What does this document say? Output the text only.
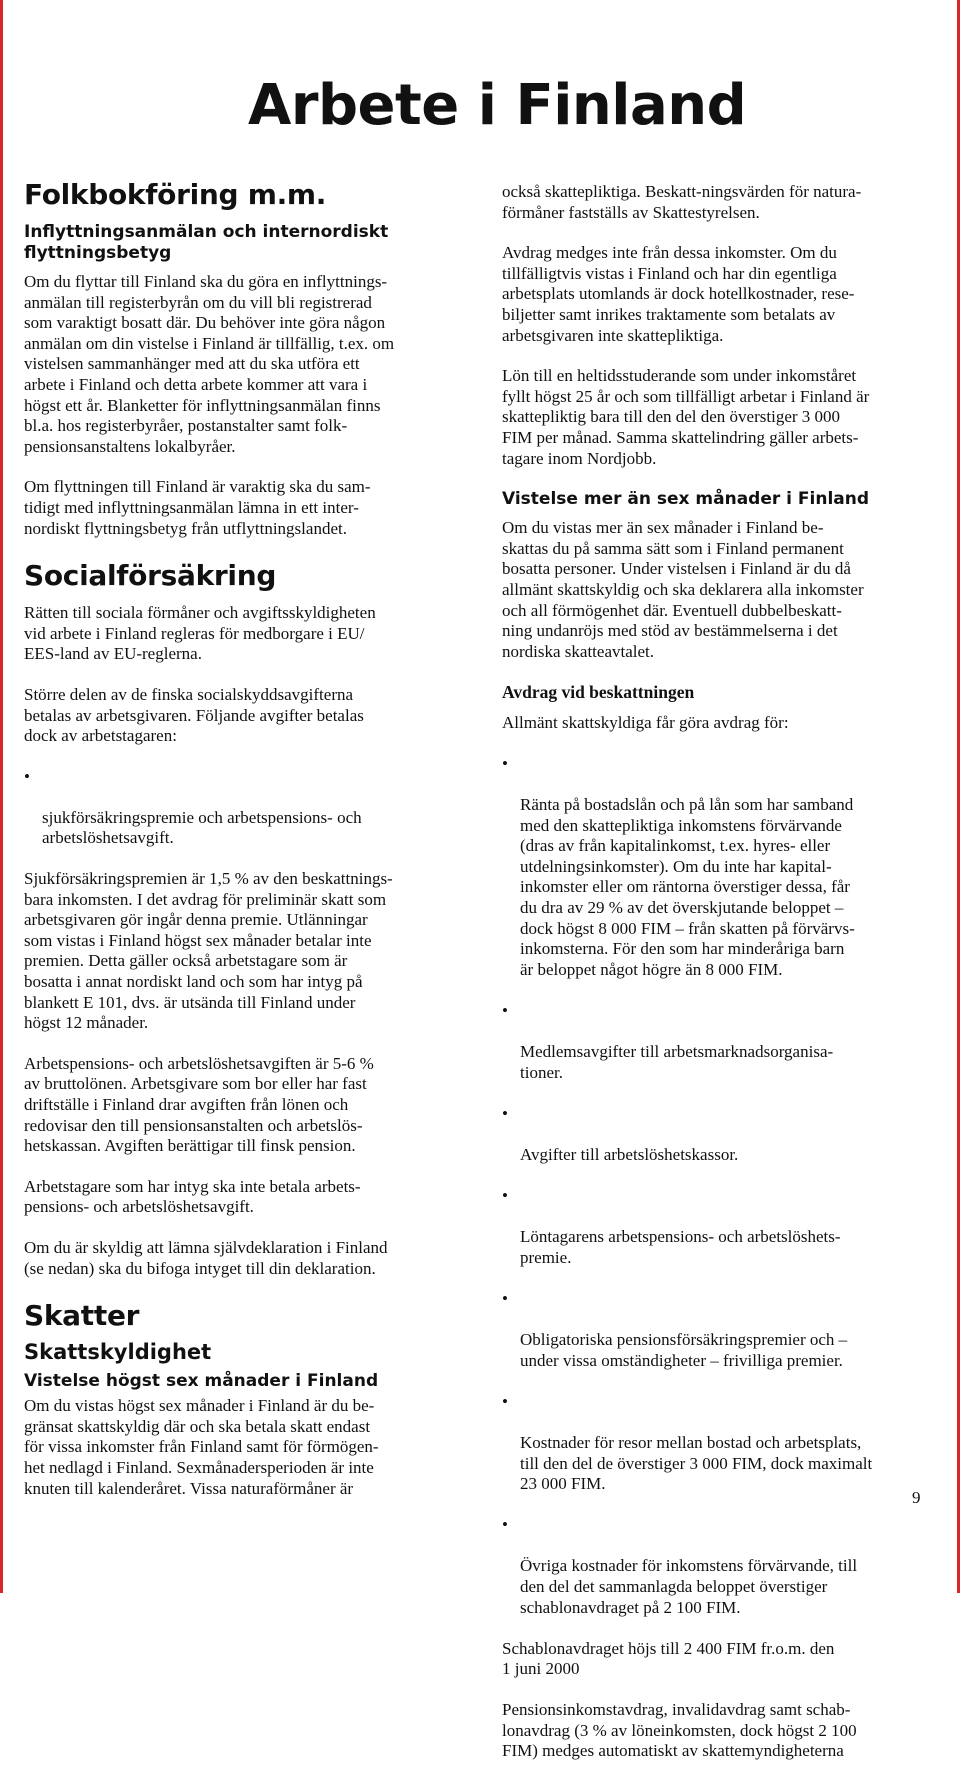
Arbete i Finland
Folkbokföring m.m.
Inflyttningsanmälan och internordiskt
flyttningsbetyg

Om du flyttar till Finland ska du göra en inflyttnings-
anmälan till registerbyrån om du vill bli registrerad
som varaktigt bosatt där. Du behöver inte göra någon
anmälan om din vistelse i Finland är tillfällig, t.ex. om
vistelsen sammanhänger med att du ska utföra ett
arbete i Finland och detta arbete kommer att vara i
högst ett år. Blanketter för inflyttningsanmälan finns
bl.a. hos registerbyråer, postanstalter samt folk-
pensionsanstaltens lokalbyråer.

Om flyttningen till Finland är varaktig ska du sam-
tidigt med inflyttningsanmälan lämna in ett inter-
nordiskt flyttningsbetyg från utflyttningslandet.

Socialförsäkring

Rätten till sociala förmåner och avgiftsskyldigheten
vid arbete i Finland regleras för medborgare i EU/
EES-land av EU-reglerna.

Större delen av de finska socialskyddsavgifterna
betalas av arbetsgivaren. Följande avgifter betalas
dock av arbetstagaren:

•

sjukförsäkringspremie och arbetspensions- och
arbetslöshetsavgift.

Sjukförsäkringspremien är 1,5 % av den beskattnings-
bara inkomsten. I det avdrag för preliminär skatt som
arbetsgivaren gör ingår denna premie. Utlänningar
som vistas i Finland högst sex månader betalar inte
premien. Detta gäller också arbetstagare som är
bosatta i annat nordiskt land och som har intyg på
blankett E 101, dvs. är utsända till Finland under
högst 12 månader.

Arbetspensions- och arbetslöshetsavgiften är 5-6 %
av bruttolönen. Arbetsgivare som bor eller har fast
driftställe i Finland drar avgiften från lönen och
redovisar den till pensionsanstalten och arbetslös-
hetskassan. Avgiften berättigar till finsk pension.

Arbetstagare som har intyg ska inte betala arbets-
pensions- och arbetslöshetsavgift.

Om du är skyldig att lämna självdeklaration i Finland
(se nedan) ska du bifoga intyget till din deklaration.

Skatter
Skattskyldighet
Vistelse högst sex månader i Finland

Om du vistas högst sex månader i Finland är du be-
gränsat skattskyldig där och ska betala skatt endast
för vissa inkomster från Finland samt för förmögen-
het nedlagd i Finland. Sexmånadersperioden är inte
knuten till kalenderåret. Vissa naturaförmåner är

också skattepliktiga. Beskatt-ningsvärden för natura-
förmåner fastställs av Skattestyrelsen.

Avdrag medges inte från dessa inkomster. Om du
tillfälligtvis vistas i Finland och har din egentliga
arbetsplats utomlands är dock hotellkostnader, rese-
biljetter samt inrikes traktamente som betalats av
arbetsgivaren inte skattepliktiga.

Lön till en heltidsstuderande som under inkomståret
fyllt högst 25 år och som tillfälligt arbetar i Finland är
skattepliktig bara till den del den överstiger 3 000
FIM per månad. Samma skattelindring gäller arbets-
tagare inom Nordjobb.

Vistelse mer än sex månader i Finland

Om du vistas mer än sex månader i Finland be-
skattas du på samma sätt som i Finland permanent
bosatta personer. Under vistelsen i Finland är du då
allmänt skattskyldig och ska deklarera alla inkomster
och all förmögenhet där. Eventuell dubbelbeskatt-
ning undanröjs med stöd av bestämmelserna i det
nordiska skatteavtalet.

Avdrag vid beskattningen

Allmänt skattskyldiga får göra avdrag för:

•

Ränta på bostadslån och på lån som har samband
med den skattepliktiga inkomstens förvärvande
(dras av från kapitalinkomst, t.ex. hyres- eller
utdelningsinkomster). Om du inte har kapital-
inkomster eller om räntorna överstiger dessa, får
du dra av 29 % av det överskjutande beloppet –
dock högst 8 000 FIM – från skatten på förvärvs-
inkomsterna. För den som har minderåriga barn
är beloppet något högre än 8 000 FIM.

•

Medlemsavgifter till arbetsmarknadsorganisa-
tioner.

•

Avgifter till arbetslöshetskassor.

•

Löntagarens arbetspensions- och arbetslöshets-
premie.

•

Obligatoriska pensionsförsäkringspremier och –
under vissa omständigheter – frivilliga premier.

•

Kostnader för resor mellan bostad och arbetsplats,
till den del de överstiger 3 000 FIM, dock maximalt
23 000 FIM.

•

Övriga kostnader för inkomstens förvärvande, till
den del det sammanlagda beloppet överstiger
schablonavdraget på 2 100 FIM.

Schablonavdraget höjs till 2 400 FIM fr.o.m. den
1 juni 2000

Pensionsinkomstavdrag, invalidavdrag samt schab-
lonavdrag (3 % av löneinkomsten, dock högst 2 100
FIM) medges automatiskt av skattemyndigheterna

9
